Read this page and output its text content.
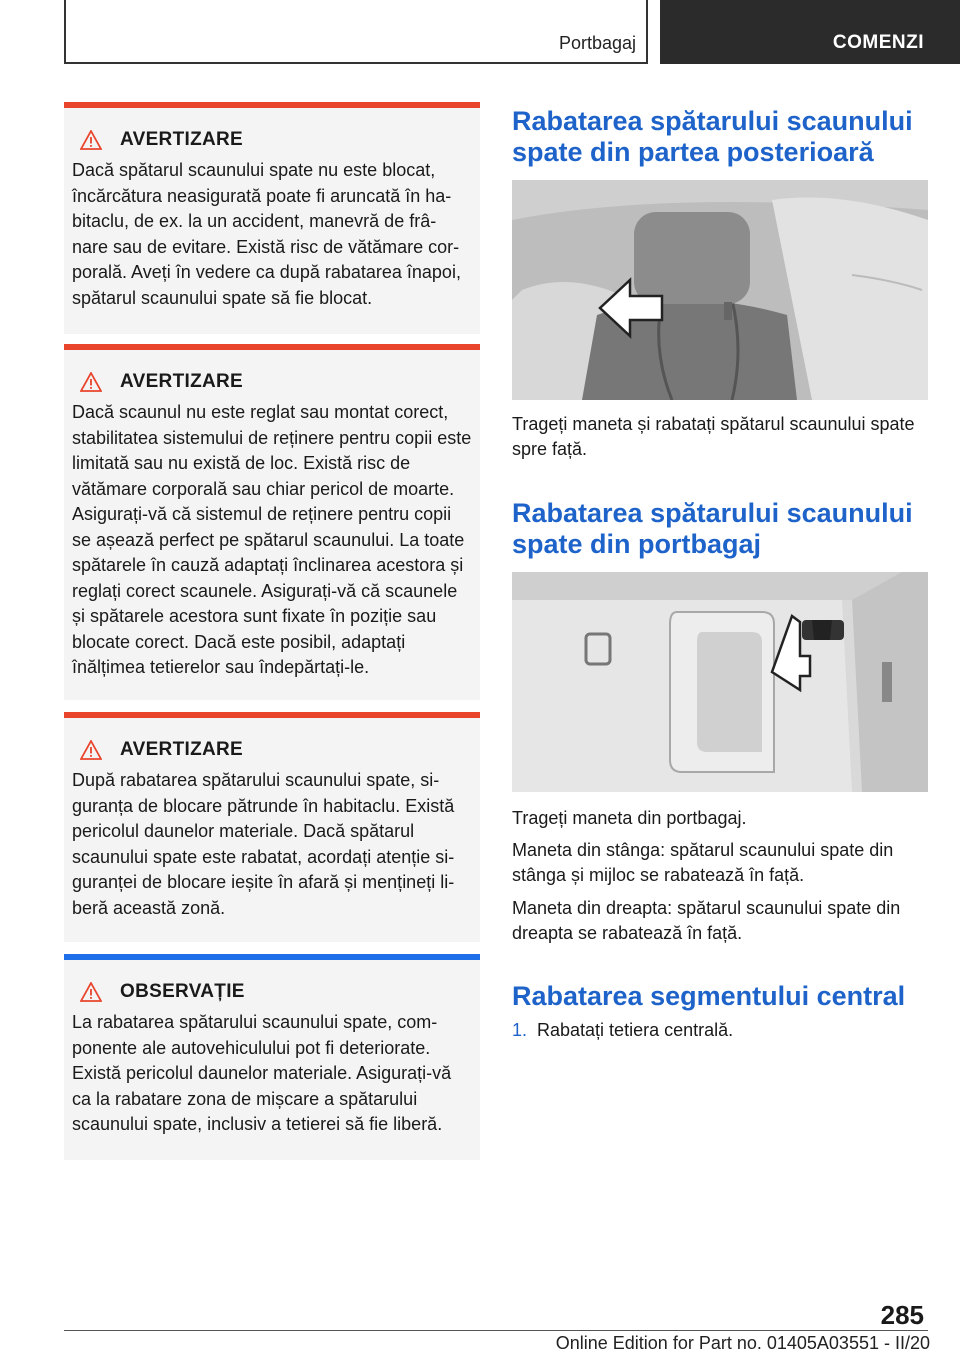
Portbagaj	COMENZI
AVERTIZARE
Dacă spătarul scaunului spate nu este blocat, încărcătura neasigurată poate fi aruncată în ha‐bitaclu, de ex. la un accident, manevră de frâ‐nare sau de evitare. Există risc de vătămare cor‐porală. Aveți în vedere ca după rabatarea înapoi, spătarul scaunului spate să fie blocat.
AVERTIZARE
Dacă scaunul nu este reglat sau montat corect, stabilitatea sistemului de reținere pentru copii este limitată sau nu există de loc. Există risc de vătămare corporală sau chiar pericol de moarte. Asigurați-vă că sistemul de reținere pentru copii se așează perfect pe spătarul scaunului. La toate spătarele în cauză adaptați înclinarea acestora și reglați corect scaunele. Asigurați-vă că scaunele și spătarele acestora sunt fixate în poziție sau blocate corect. Dacă este posibil, adaptați înălțimea tetierelor sau îndepărtați-le.
AVERTIZARE
După rabatarea spătarului scaunului spate, si‐guranța de blocare pătrunde în habitaclu. Există pericolul daunelor materiale. Dacă spătarul scaunului spate este rabatat, acordați atenție si‐guranței de blocare ieșite în afară și mențineți li‐beră această zonă.
OBSERVAȚIE
La rabatarea spătarului scaunului spate, com‐ponente ale autovehiculului pot fi deteriorate. Există pericolul daunelor materiale. Asigurați-vă ca la rabatare zona de mișcare a spătarului scaunului spate, inclusiv a tetierei să fie liberă.
Rabatarea spătarului scaunului
spate din partea posterioară

Trageți maneta și rabatați spătarul scaunului spate spre față.

Rabatarea spătarului scaunului
spate din portbagaj

Trageți maneta din portbagaj.

Maneta din stânga: spătarul scaunului spate din stânga și mijloc se rabatează în față.

Maneta din dreapta: spătarul scaunului spate din dreapta se rabatează în față.

Rabatarea segmentului central
1. Rabatați tetiera centrală.
285
Online Edition for Part no. 01405A03551 - II/20
